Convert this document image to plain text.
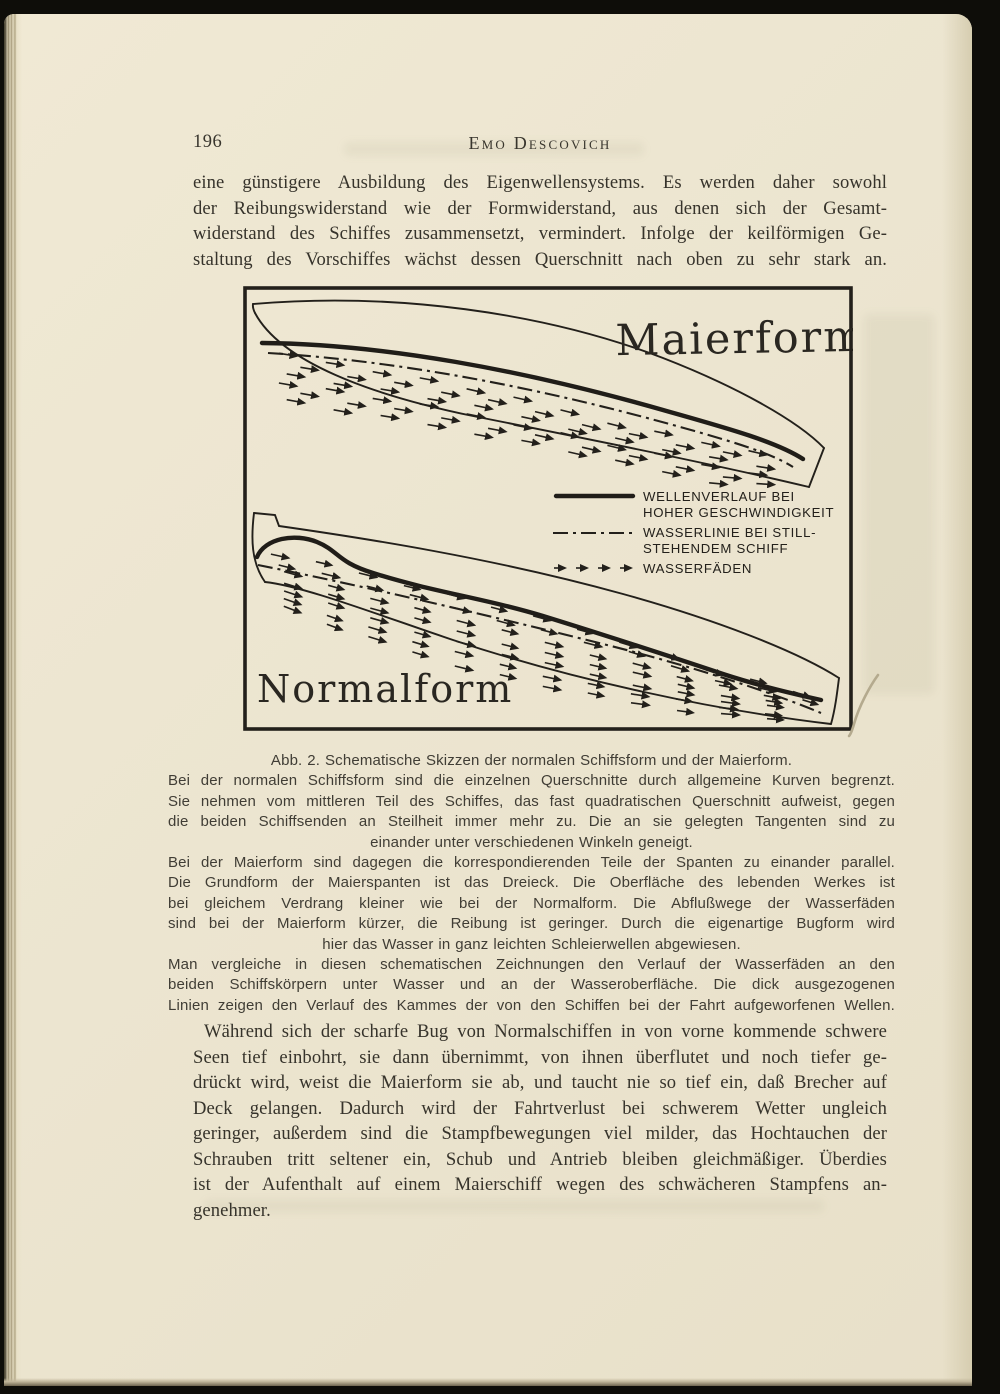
196	Emo Descovich
eine günstigere Ausbildung des Eigenwellensystems. Es werden daher sowohl
der Reibungswiderstand wie der Formwiderstand, aus denen sich der Gesamt-
widerstand des Schiffes zusammensetzt, vermindert. Infolge der keilförmigen Ge-
staltung des Vorschiffes wächst dessen Querschnitt nach oben zu sehr stark an.
Maierform
WELLENVERLAUF BEI
HOHER GESCHWINDIGKEIT
WASSERLINIE BEI STILL-
STEHENDEM SCHIFF
WASSERFÄDEN
Normalform
Abb. 2. Schematische Skizzen der normalen Schiffsform und der Maierform.
Bei der normalen Schiffsform sind die einzelnen Querschnitte durch allgemeine Kurven begrenzt.
Sie nehmen vom mittleren Teil des Schiffes, das fast quadratischen Querschnitt aufweist, gegen
die beiden Schiffsenden an Steilheit immer mehr zu. Die an sie gelegten Tangenten sind zu
einander unter verschiedenen Winkeln geneigt.
Bei der Maierform sind dagegen die korrespondierenden Teile der Spanten zu einander parallel.
Die Grundform der Maierspanten ist das Dreieck. Die Oberfläche des lebenden Werkes ist
bei gleichem Verdrang kleiner wie bei der Normalform. Die Abflußwege der Wasserfäden
sind bei der Maierform kürzer, die Reibung ist geringer. Durch die eigenartige Bugform wird
hier das Wasser in ganz leichten Schleierwellen abgewiesen.
Man vergleiche in diesen schematischen Zeichnungen den Verlauf der Wasserfäden an den
beiden Schiffskörpern unter Wasser und an der Wasseroberfläche. Die dick ausgezogenen
Linien zeigen den Verlauf des Kammes der von den Schiffen bei der Fahrt aufgeworfenen Wellen.
Während sich der scharfe Bug von Normalschiffen in von vorne kommende schwere
Seen tief einbohrt, sie dann übernimmt, von ihnen überflutet und noch tiefer ge-
drückt wird, weist die Maierform sie ab, und taucht nie so tief ein, daß Brecher auf
Deck gelangen. Dadurch wird der Fahrtverlust bei schwerem Wetter ungleich
geringer, außerdem sind die Stampfbewegungen viel milder, das Hochtauchen der
Schrauben tritt seltener ein, Schub und Antrieb bleiben gleichmäßiger. Überdies
ist der Aufenthalt auf einem Maierschiff wegen des schwächeren Stampfens an-
genehmer.
